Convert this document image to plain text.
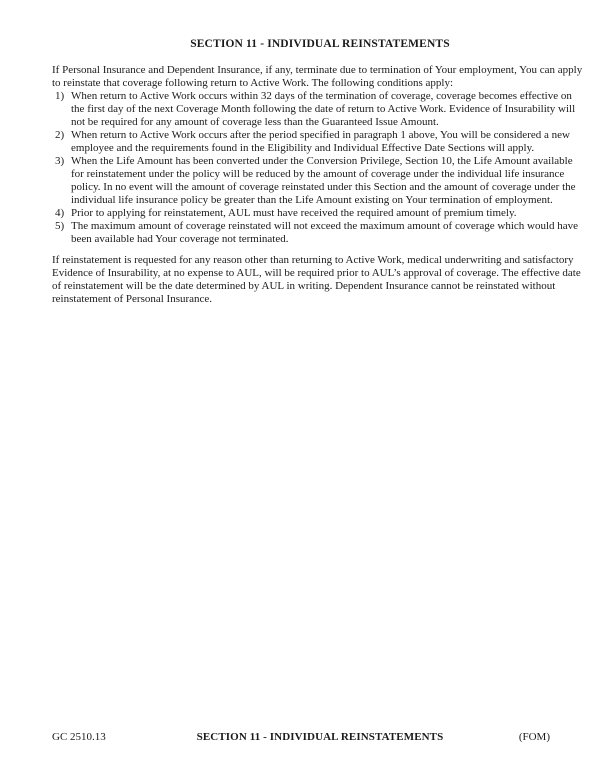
SECTION 11 - INDIVIDUAL REINSTATEMENTS

If Personal Insurance and Dependent Insurance, if any, terminate due to termination of Your employment, You can apply to reinstate that coverage following return to Active Work. The following conditions apply:

1) When return to Active Work occurs within 32 days of the termination of coverage, coverage becomes effective on the first day of the next Coverage Month following the date of return to Active Work. Evidence of Insurability will not be required for any amount of coverage less than the Guaranteed Issue Amount.
2) When return to Active Work occurs after the period specified in paragraph 1 above, You will be considered a new employee and the requirements found in the Eligibility and Individual Effective Date Sections will apply.
3) When the Life Amount has been converted under the Conversion Privilege, Section 10, the Life Amount available for reinstatement under the policy will be reduced by the amount of coverage under the individual life insurance policy. In no event will the amount of coverage reinstated under this Section and the amount of coverage under the individual life insurance policy be greater than the Life Amount existing on Your termination of employment.
4) Prior to applying for reinstatement, AUL must have received the required amount of premium timely.
5) The maximum amount of coverage reinstated will not exceed the maximum amount of coverage which would have been available had Your coverage not terminated.

If reinstatement is requested for any reason other than returning to Active Work, medical underwriting and satisfactory Evidence of Insurability, at no expense to AUL, will be required prior to AUL’s approval of coverage. The effective date of reinstatement will be the date determined by AUL in writing. Dependent Insurance cannot be reinstated without reinstatement of Personal Insurance.

GC 2510.13	SECTION 11 - INDIVIDUAL REINSTATEMENTS	(FOM)
